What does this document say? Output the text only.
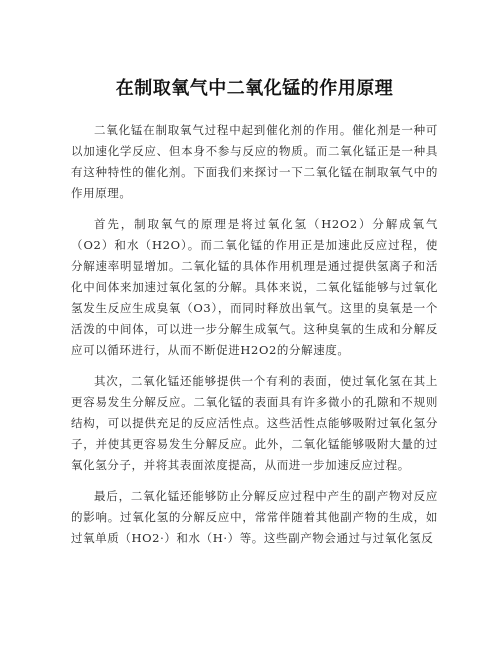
在制取氧气中二氧化锰的作用原理

二氧化锰在制取氧气过程中起到催化剂的作用。催化剂是一种可以加速化学反应、但本身不参与反应的物质。而二氧化锰正是一种具有这种特性的催化剂。下面我们来探讨一下二氧化锰在制取氧气中的作用原理。

首先，制取氧气的原理是将过氧化氢（H2O2）分解成氧气（O2）和水（H2O）。而二氧化锰的作用正是加速此反应过程，使分解速率明显增加。二氧化锰的具体作用机理是通过提供氢离子和活化中间体来加速过氧化氢的分解。具体来说，二氧化锰能够与过氧化氢发生反应生成臭氧（O3），而同时释放出氧气。这里的臭氧是一个活泼的中间体，可以进一步分解生成氧气。这种臭氧的生成和分解反应可以循环进行，从而不断促进H2O2的分解速度。

其次，二氧化锰还能够提供一个有利的表面，使过氧化氢在其上更容易发生分解反应。二氧化锰的表面具有许多微小的孔隙和不规则结构，可以提供充足的反应活性点。这些活性点能够吸附过氧化氢分子，并使其更容易发生分解反应。此外，二氧化锰能够吸附大量的过氧化氢分子，并将其表面浓度提高，从而进一步加速反应过程。

最后，二氧化锰还能够防止分解反应过程中产生的副产物对反应的影响。过氧化氢的分解反应中，常常伴随着其他副产物的生成，如过氧单质（HO2·）和水（H·）等。这些副产物会通过与过氧化氢反
